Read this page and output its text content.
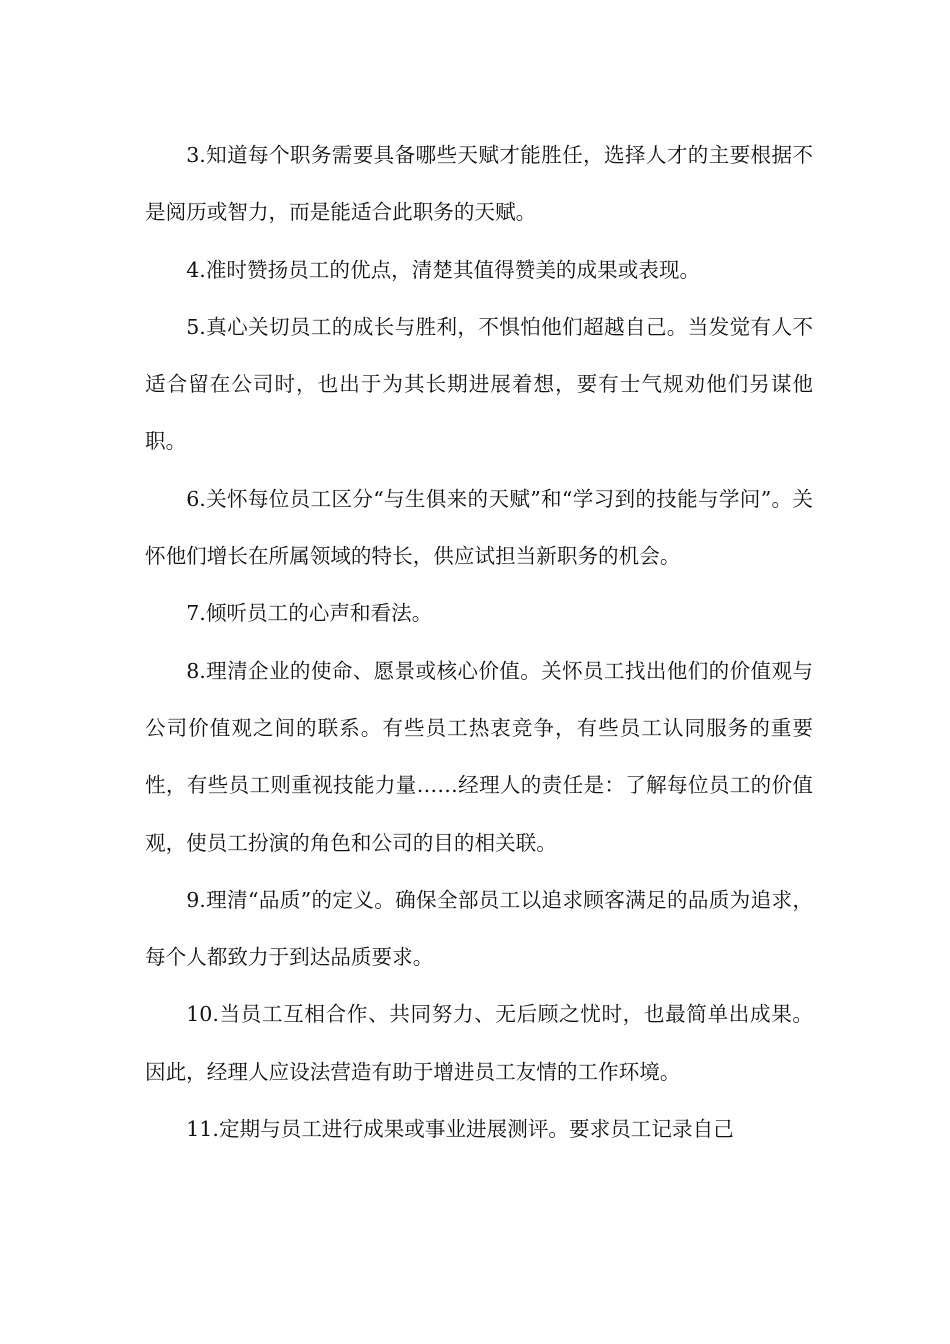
3.知道每个职务需要具备哪些天赋才能胜任，选择人才的主要根据不是阅历或智力，而是能适合此职务的天赋。

4.准时赞扬员工的优点，清楚其值得赞美的成果或表现。

5.真心关切员工的成长与胜利，不惧怕他们超越自己。当发觉有人不适合留在公司时，也出于为其长期进展着想，要有士气规劝他们另谋他职。

6.关怀每位员工区分“与生俱来的天赋”和“学习到的技能与学问”。关怀他们增长在所属领域的特长，供应试担当新职务的机会。

7.倾听员工的心声和看法。

8.理清企业的使命、愿景或核心价值。关怀员工找出他们的价值观与公司价值观之间的联系。有些员工热衷竞争，有些员工认同服务的重要性，有些员工则重视技能力量……经理人的责任是：了解每位员工的价值观，使员工扮演的角色和公司的目的相关联。

9.理清“品质”的定义。确保全部员工以追求顾客满足的品质为追求，每个人都致力于到达品质要求。

10.当员工互相合作、共同努力、无后顾之忧时，也最简单出成果。因此，经理人应设法营造有助于增进员工友情的工作环境。

11.定期与员工进行成果或事业进展测评。要求员工记录自己
